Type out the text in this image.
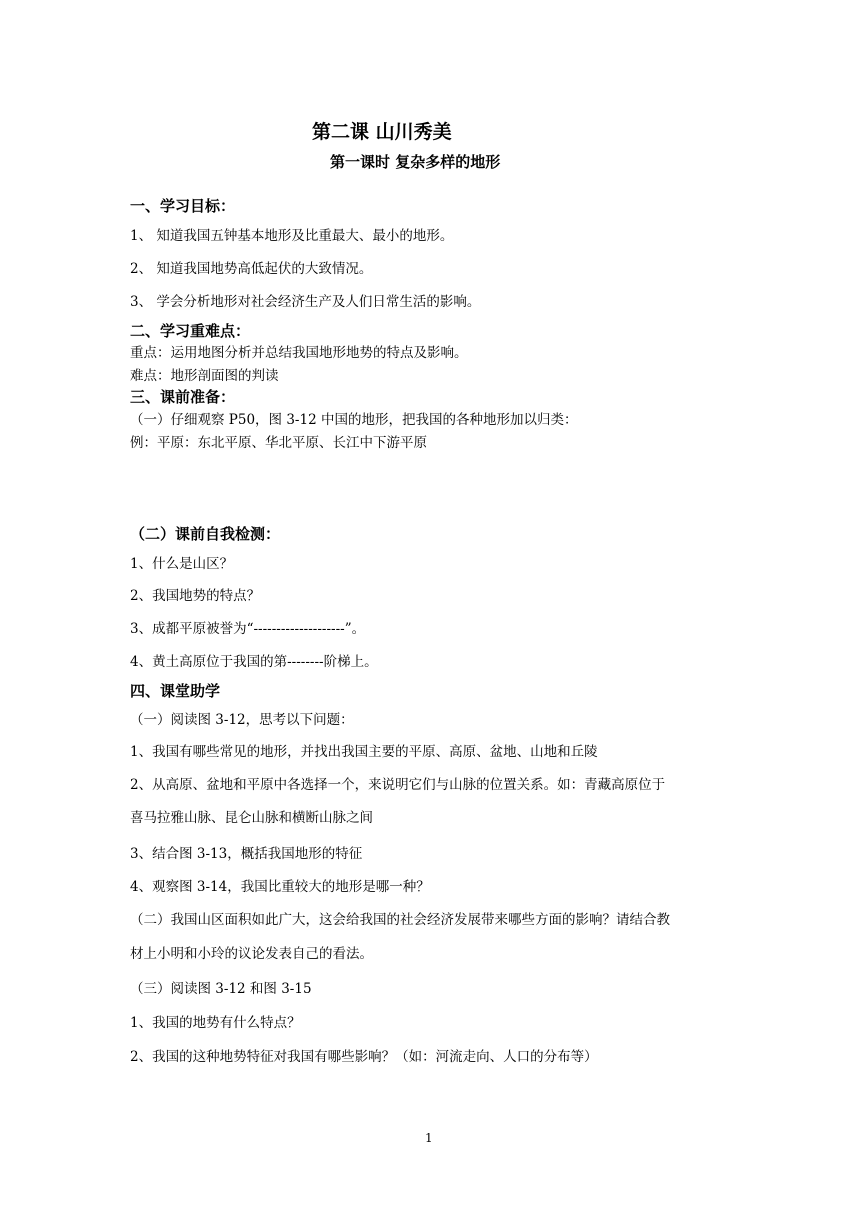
第二课 山川秀美
第一课时 复杂多样的地形
一、学习目标：
1、 知道我国五钟基本地形及比重最大、最小的地形。
2、 知道我国地势高低起伏的大致情况。
3、 学会分析地形对社会经济生产及人们日常生活的影响。
二、学习重难点：
重点：运用地图分析并总结我国地形地势的特点及影响。
难点：地形剖面图的判读
三、课前准备：
（一）仔细观察 P50，图 3-12 中国的地形，把我国的各种地形加以归类：
例：平原：东北平原、华北平原、长江中下游平原
（二）课前自我检测：
1、什么是山区？
2、我国地势的特点？
3、成都平原被誉为“--------------------”。
4、黄土高原位于我国的第--------阶梯上。
四、课堂助学
（一）阅读图 3-12，思考以下问题：
1、我国有哪些常见的地形，并找出我国主要的平原、高原、盆地、山地和丘陵
2、从高原、盆地和平原中各选择一个，来说明它们与山脉的位置关系。如：青藏高原位于
喜马拉雅山脉、昆仑山脉和横断山脉之间
3、结合图 3-13，概括我国地形的特征
4、观察图 3-14，我国比重较大的地形是哪一种？
（二）我国山区面积如此广大，这会给我国的社会经济发展带来哪些方面的影响？请结合教
材上小明和小玲的议论发表自己的看法。
（三）阅读图 3-12 和图 3-15
1、我国的地势有什么特点？
2、我国的这种地势特征对我国有哪些影响？（如：河流走向、人口的分布等）
1
